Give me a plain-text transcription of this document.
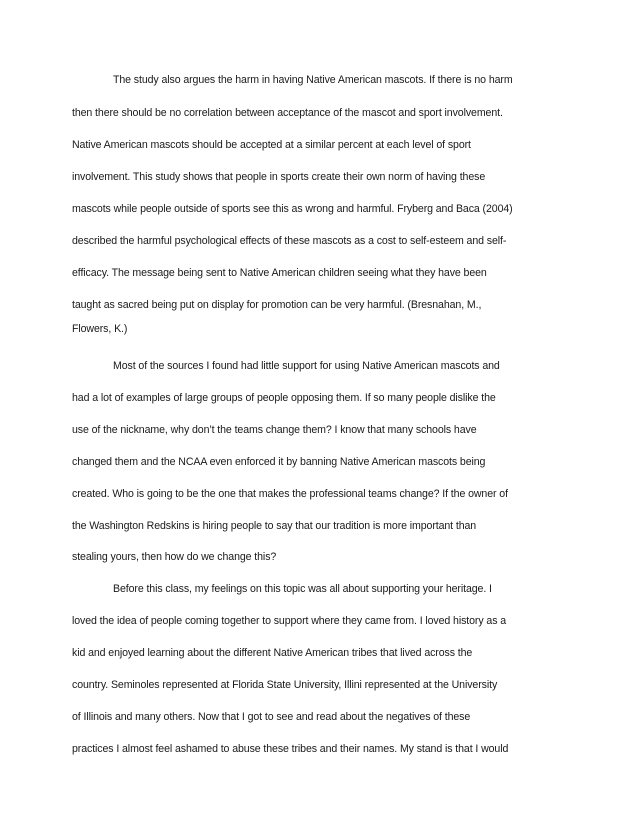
The study also argues the harm in having Native American mascots. If there is no harm
then there should be no correlation between acceptance of the mascot and sport involvement.
Native American mascots should be accepted at a similar percent at each level of sport
involvement. This study shows that people in sports create their own norm of having these
mascots while people outside of sports see this as wrong and harmful. Fryberg and Baca (2004)
described the harmful psychological effects of these mascots as a cost to self-esteem and self-
efficacy. The message being sent to Native American children seeing what they have been
taught as sacred being put on display for promotion can be very harmful. (Bresnahan, M.,
Flowers, K.)
Most of the sources I found had little support for using Native American mascots and
had a lot of examples of large groups of people opposing them. If so many people dislike the
use of the nickname, why don’t the teams change them? I know that many schools have
changed them and the NCAA even enforced it by banning Native American mascots being
created. Who is going to be the one that makes the professional teams change? If the owner of
the Washington Redskins is hiring people to say that our tradition is more important than
stealing yours, then how do we change this?
Before this class, my feelings on this topic was all about supporting your heritage. I
loved the idea of people coming together to support where they came from. I loved history as a
kid and enjoyed learning about the different Native American tribes that lived across the
country. Seminoles represented at Florida State University, Illini represented at the University
of Illinois and many others. Now that I got to see and read about the negatives of these
practices I almost feel ashamed to abuse these tribes and their names. My stand is that I would
